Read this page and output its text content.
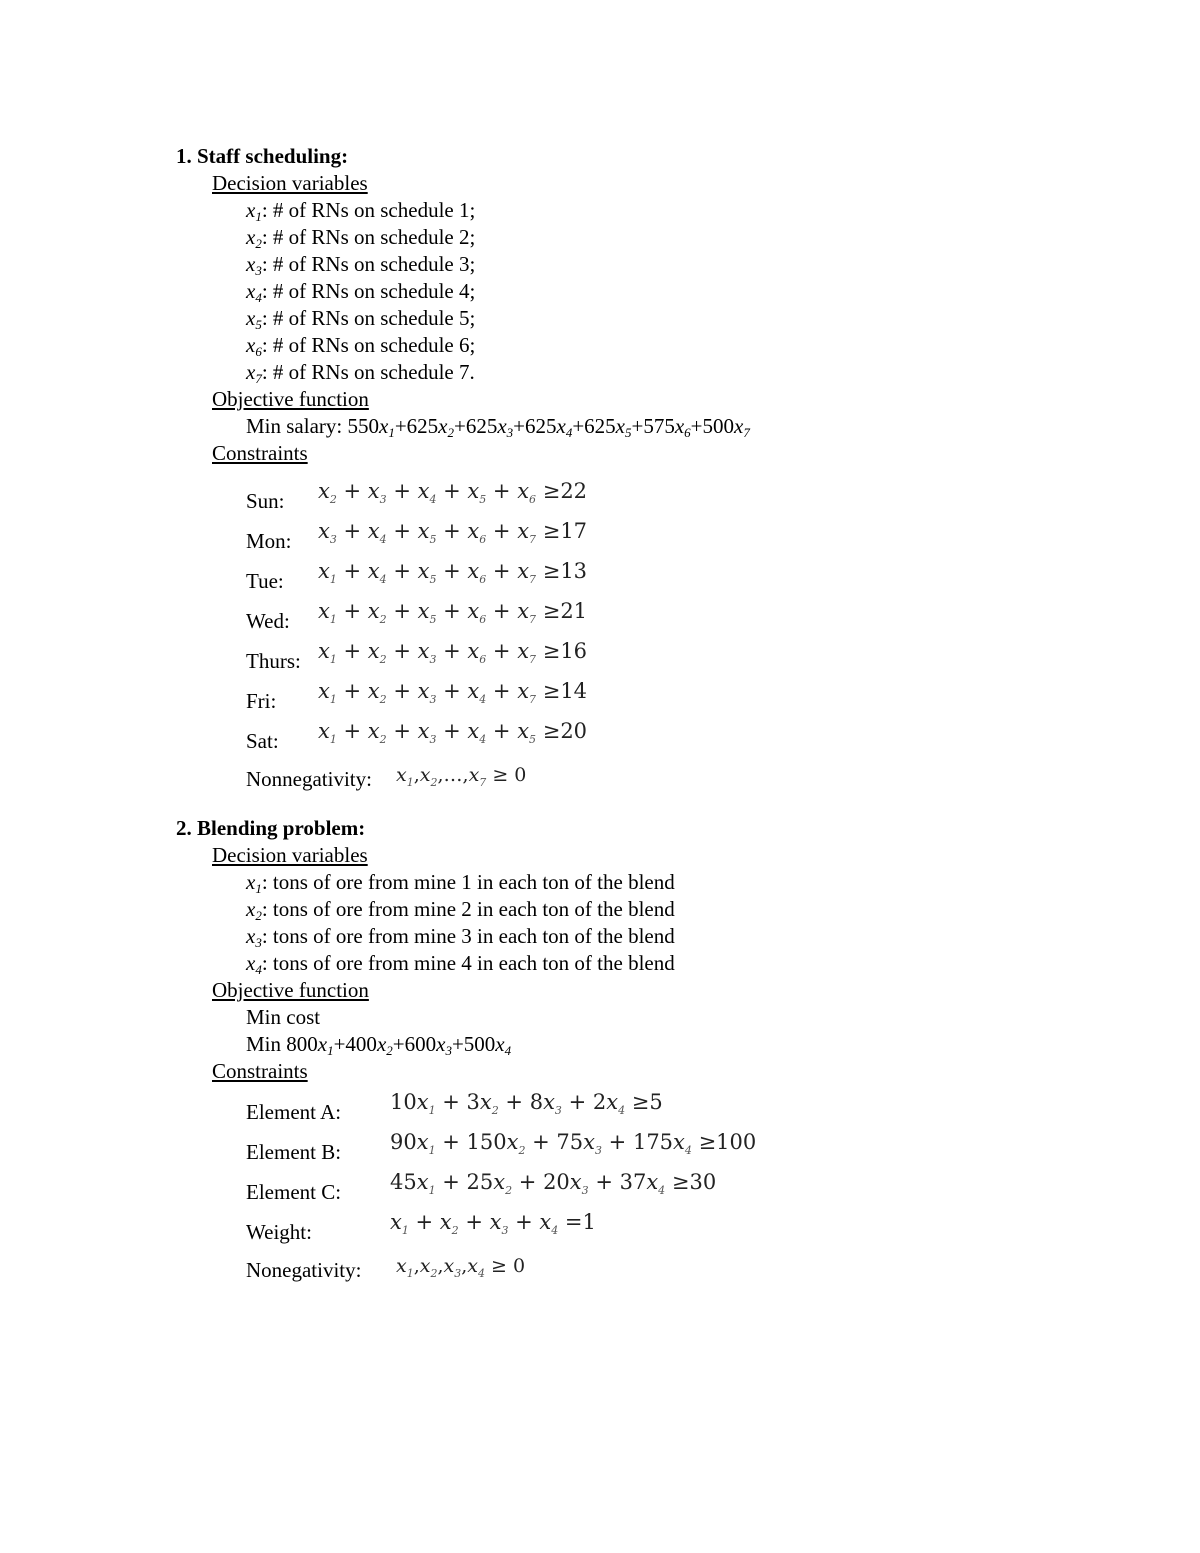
1. Staff scheduling:
Decision variables
$x_1$: # of RNs on schedule 1;
$x_2$: # of RNs on schedule 2;
$x_3$: # of RNs on schedule 3;
$x_4$: # of RNs on schedule 4;
$x_5$: # of RNs on schedule 5;
$x_6$: # of RNs on schedule 6;
$x_7$: # of RNs on schedule 7.
Objective function
Min salary: $550x_1+625x_2+625x_3+625x_4+625x_5+575x_6+500x_7$
Constraints
Sun: $x_2 + x_3 + x_4 + x_5 + x_6 \ge 22$
Mon: $x_3 + x_4 + x_5 + x_6 + x_7 \ge 17$
Tue: $x_1 + x_4 + x_5 + x_6 + x_7 \ge 13$
Wed: $x_1 + x_2 + x_5 + x_6 + x_7 \ge 21$
Thurs: $x_1 + x_2 + x_3 + x_6 + x_7 \ge 16$
Fri: $x_1 + x_2 + x_3 + x_4 + x_7 \ge 14$
Sat: $x_1 + x_2 + x_3 + x_4 + x_5 \ge 20$
Nonnegativity: $x_1,x_2,\dots,x_7 \ge 0$
2. Blending problem:
Decision variables
$x_1$: tons of ore from mine 1 in each ton of the blend
$x_2$: tons of ore from mine 2 in each ton of the blend
$x_3$: tons of ore from mine 3 in each ton of the blend
$x_4$: tons of ore from mine 4 in each ton of the blend
Objective function
Min cost
Min $800x_1+400x_2+600x_3+500x_4$
Constraints
Element A: $10x_1 + 3x_2 + 8x_3 + 2x_4 \ge 5$
Element B: $90x_1 + 150x_2 + 75x_3 + 175x_4 \ge 100$
Element C: $45x_1 + 25x_2 + 20x_3 + 37x_4 \ge 30$
Weight:	$x_1 + x_2 + x_3 + x_4 =1$
Nonegativity: $x_1,x_2,x_3,x_4 \ge 0$
